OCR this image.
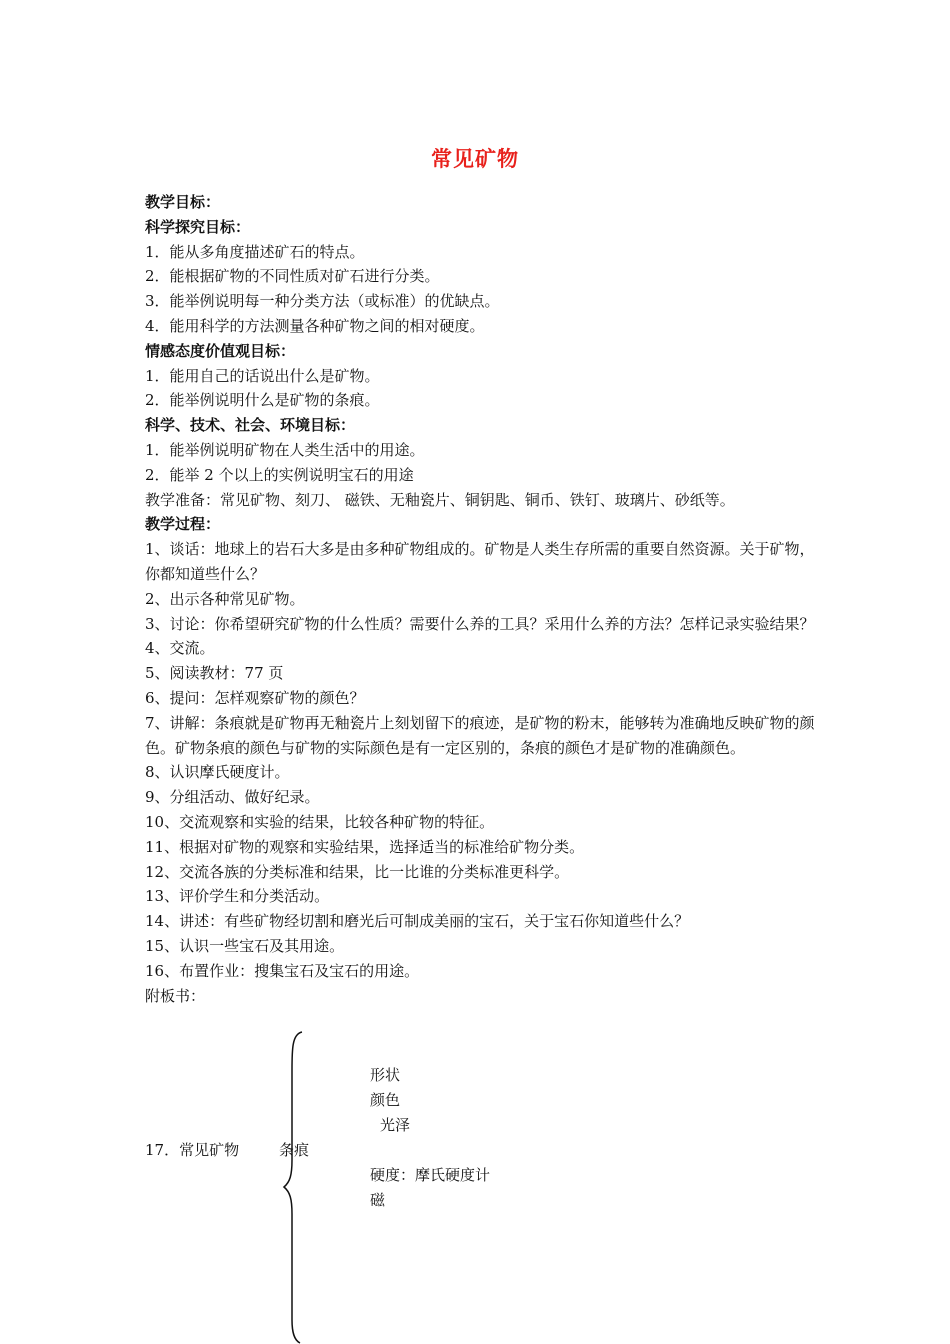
常见矿物
教学目标：
科学探究目标：
1．能从多角度描述矿石的特点。
2．能根据矿物的不同性质对矿石进行分类。
3．能举例说明每一种分类方法（或标准）的优缺点。
4．能用科学的方法测量各种矿物之间的相对硬度。
情感态度价值观目标：
1．能用自己的话说出什么是矿物。
2．能举例说明什么是矿物的条痕。
科学、技术、社会、环境目标：
1．能举例说明矿物在人类生活中的用途。
2．能举 2 个以上的实例说明宝石的用途
教学准备：常见矿物、刻刀、 磁铁、无釉瓷片、铜钥匙、铜币、铁钉、玻璃片、砂纸等。
教学过程：
1、谈话：地球上的岩石大多是由多种矿物组成的。矿物是人类生存所需的重要自然资源。关于矿物，你都知道些什么？
2、出示各种常见矿物。
3、讨论：你希望研究矿物的什么性质？需要什么养的工具？采用什么养的方法？怎样记录实验结果？
4、交流。
5、阅读教材：77 页
6、提问：怎样观察矿物的颜色？
7、讲解：条痕就是矿物再无釉瓷片上刻划留下的痕迹，是矿物的粉末，能够转为准确地反映矿物的颜色。矿物条痕的颜色与矿物的实际颜色是有一定区别的，条痕的颜色才是矿物的准确颜色。
8、认识摩氏硬度计。
9、分组活动、做好纪录。
10、交流观察和实验的结果，比较各种矿物的特征。
11、根据对矿物的观察和实验结果，选择适当的标准给矿物分类。
12、交流各族的分类标准和结果，比一比谁的分类标准更科学。
13、评价学生和分类活动。
14、讲述：有些矿物经切割和磨光后可制成美丽的宝石，关于宝石你知道些什么？
15、认识一些宝石及其用途。
16、布置作业：搜集宝石及宝石的用途。
附板书：
形状
颜色
光泽
17．常见矿物	条痕
硬度：摩氏硬度计
磁
